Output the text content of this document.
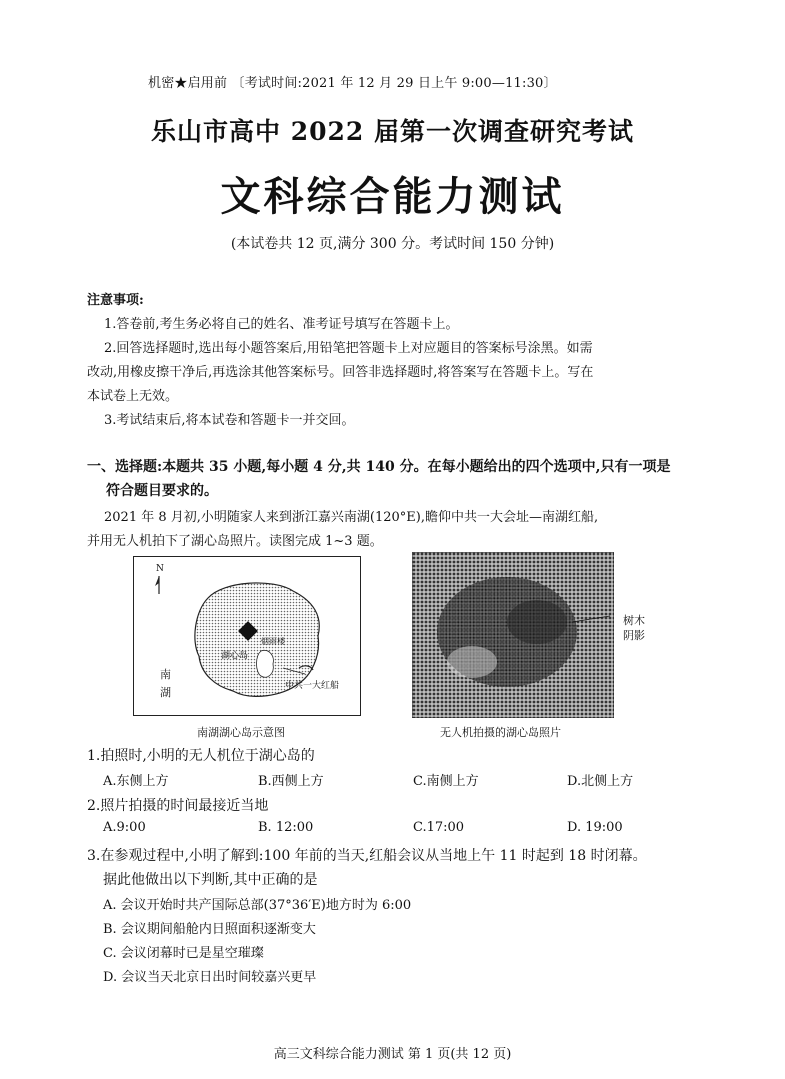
机密★启用前 〔考试时间:2021 年 12 月 29 日上午 9:00—11:30〕
乐山市高中 2022 届第一次调查研究考试
文科综合能力测试
(本试卷共 12 页,满分 300 分。考试时间 150 分钟)
注意事项:
1.答卷前,考生务必将自己的姓名、准考证号填写在答题卡上。
2.回答选择题时,选出每小题答案后,用铅笔把答题卡上对应题目的答案标号涂黑。如需
改动,用橡皮擦干净后,再选涂其他答案标号。回答非选择题时,将答案写在答题卡上。写在
本试卷上无效。
3.考试结束后,将本试卷和答题卡一并交回。
一、选择题:本题共 35 小题,每小题 4 分,共 140 分。在每小题给出的四个选项中,只有一项是
符合题目要求的。
2021 年 8 月初,小明随家人来到浙江嘉兴南湖(120°E),瞻仰中共一大会址—南湖红船,
并用无人机拍下了湖心岛照片。读图完成 1~3 题。
N
烟雨楼
湖心岛
中共一大红船
南
湖
南湖湖心岛示意图
树木
阴影
无人机拍摄的湖心岛照片
1.拍照时,小明的无人机位于湖心岛的
A.东侧上方	B.西侧上方	C.南侧上方	D.北侧上方
2.照片拍摄的时间最接近当地
A.9:00	B. 12:00	C.17:00	D. 19:00
3.在参观过程中,小明了解到:100 年前的当天,红船会议从当地上午 11 时起到 18 时闭幕。
据此他做出以下判断,其中正确的是
A. 会议开始时共产国际总部(37°36′E)地方时为 6:00
B. 会议期间船舱内日照面积逐渐变大
C. 会议闭幕时已是星空璀璨
D. 会议当天北京日出时间较嘉兴更早
高三文科综合能力测试 第 1 页(共 12 页)
